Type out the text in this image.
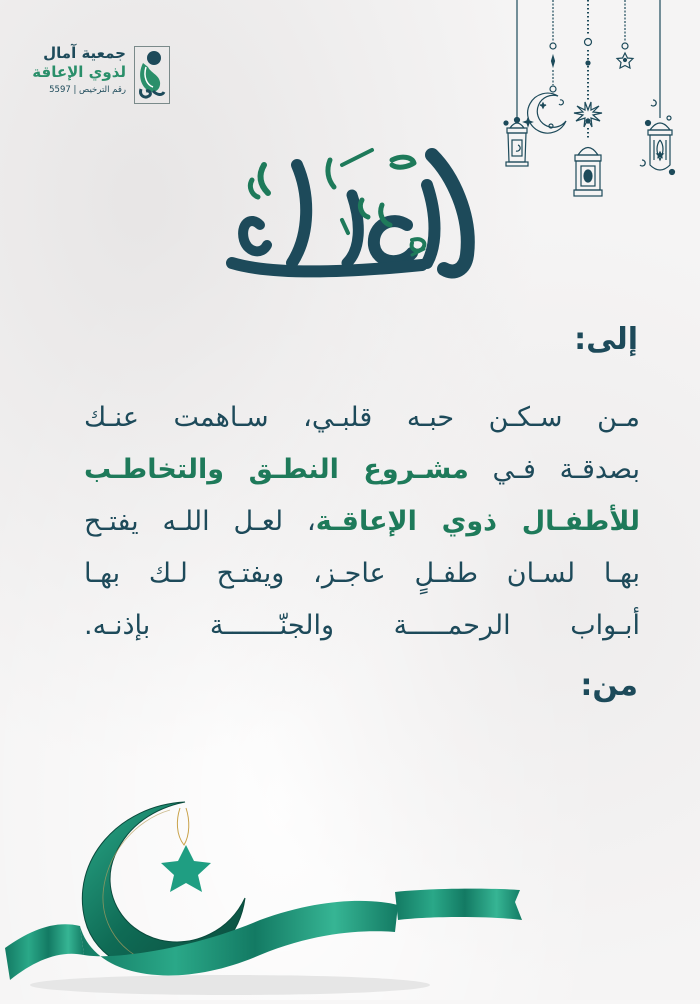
جمعية آمال
لذوي الإعاقة
رقم الترخيص | 5597
إلى:
مـن سـكـن حبـه قلبـي، سـاهمت عنـك
بصدقـة فـي مشـروع النطـق والتخاطـب
للأطفـال ذوي الإعاقـة، لعـل اللـه يفتـح
بهـا لسـان طفـلٍ عاجـز، ويفتـح لـك بهـا
أبـواب الرحمـــــة والجنّـــــــة بإذنـه.
من:
